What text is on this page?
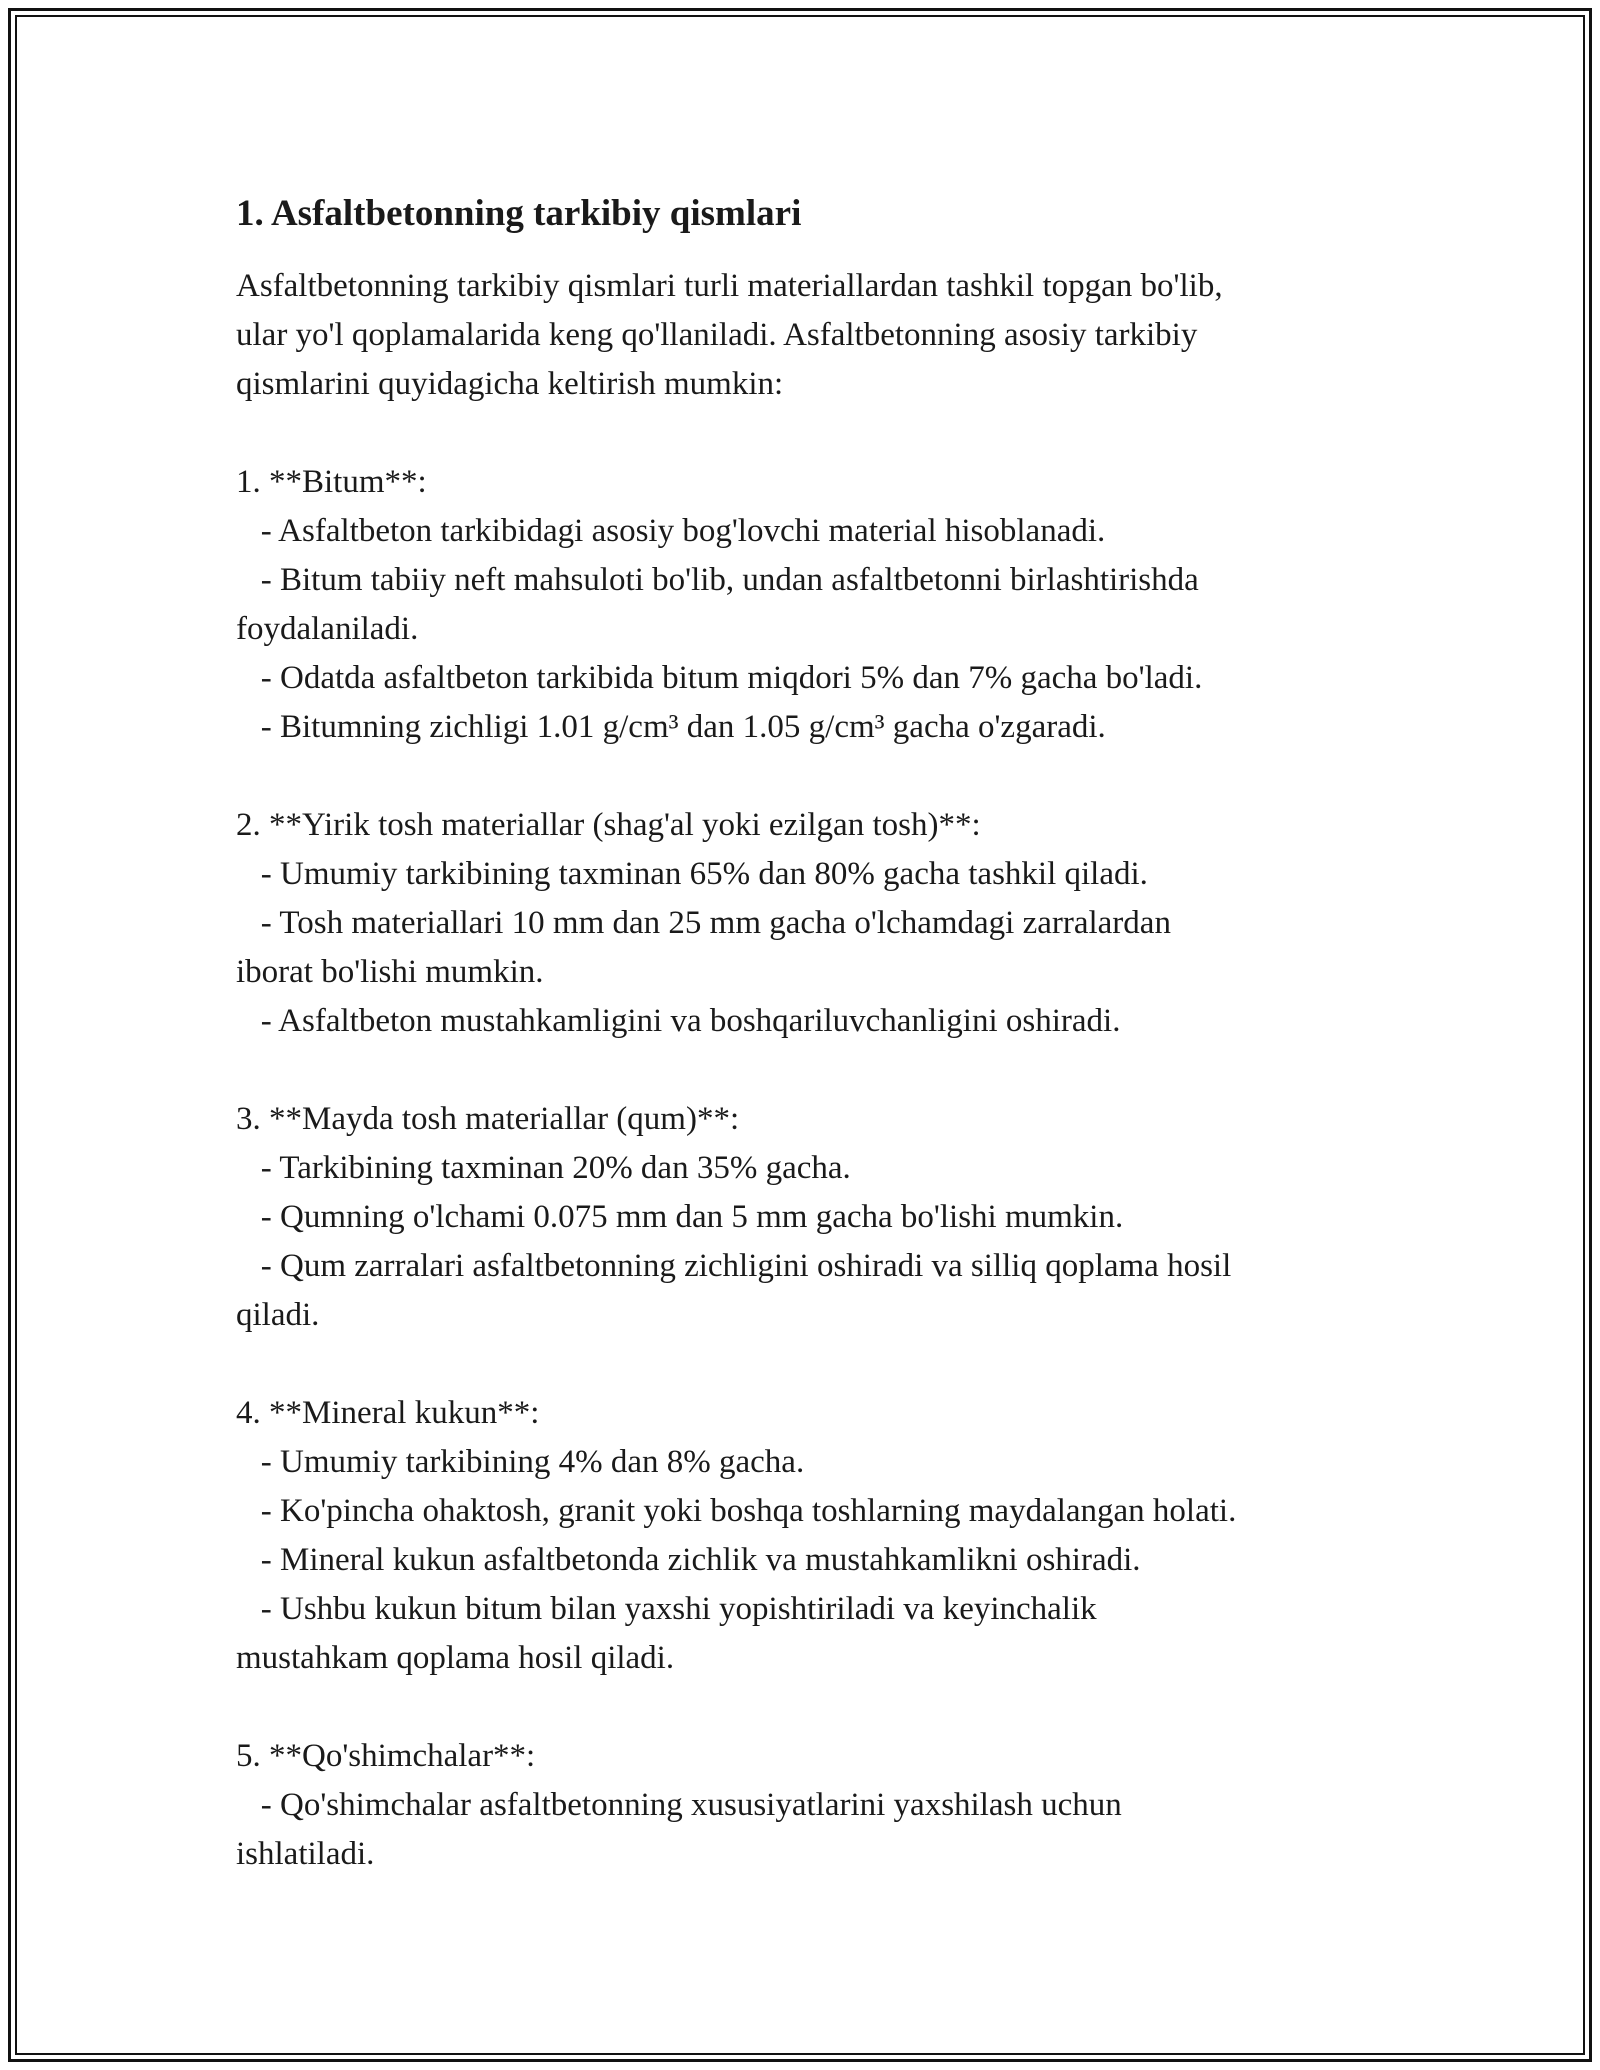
1. Asfaltbetonning tarkibiy qismlari

Asfaltbetonning tarkibiy qismlari turli materiallardan tashkil topgan bo'lib,
ular yo'l qoplamalarida keng qo'llaniladi. Asfaltbetonning asosiy tarkibiy
qismlarini quyidagicha keltirish mumkin:

1. **Bitum**:

- Asfaltbeton tarkibidagi asosiy bog'lovchi material hisoblanadi.

- Bitum tabiiy neft mahsuloti bo'lib, undan asfaltbetonni birlashtirishda
foydalaniladi.

- Odatda asfaltbeton tarkibida bitum miqdori 5% dan 7% gacha bo'ladi.

- Bitumning zichligi 1.01 g/cm³ dan 1.05 g/cm³ gacha o'zgaradi.

2. **Yirik tosh materiallar (shag'al yoki ezilgan tosh)**:

- Umumiy tarkibining taxminan 65% dan 80% gacha tashkil qiladi.

- Tosh materiallari 10 mm dan 25 mm gacha o'lchamdagi zarralardan
iborat bo'lishi mumkin.

- Asfaltbeton mustahkamligini va boshqariluvchanligini oshiradi.

3. **Mayda tosh materiallar (qum)**:

- Tarkibining taxminan 20% dan 35% gacha.

- Qumning o'lchami 0.075 mm dan 5 mm gacha bo'lishi mumkin.

- Qum zarralari asfaltbetonning zichligini oshiradi va silliq qoplama hosil
qiladi.

4. **Mineral kukun**:

- Umumiy tarkibining 4% dan 8% gacha.

- Ko'pincha ohaktosh, granit yoki boshqa toshlarning maydalangan holati.

- Mineral kukun asfaltbetonda zichlik va mustahkamlikni oshiradi.

- Ushbu kukun bitum bilan yaxshi yopishtiriladi va keyinchalik
mustahkam qoplama hosil qiladi.

5. **Qo'shimchalar**:

- Qo'shimchalar asfaltbetonning xususiyatlarini yaxshilash uchun
ishlatiladi.
